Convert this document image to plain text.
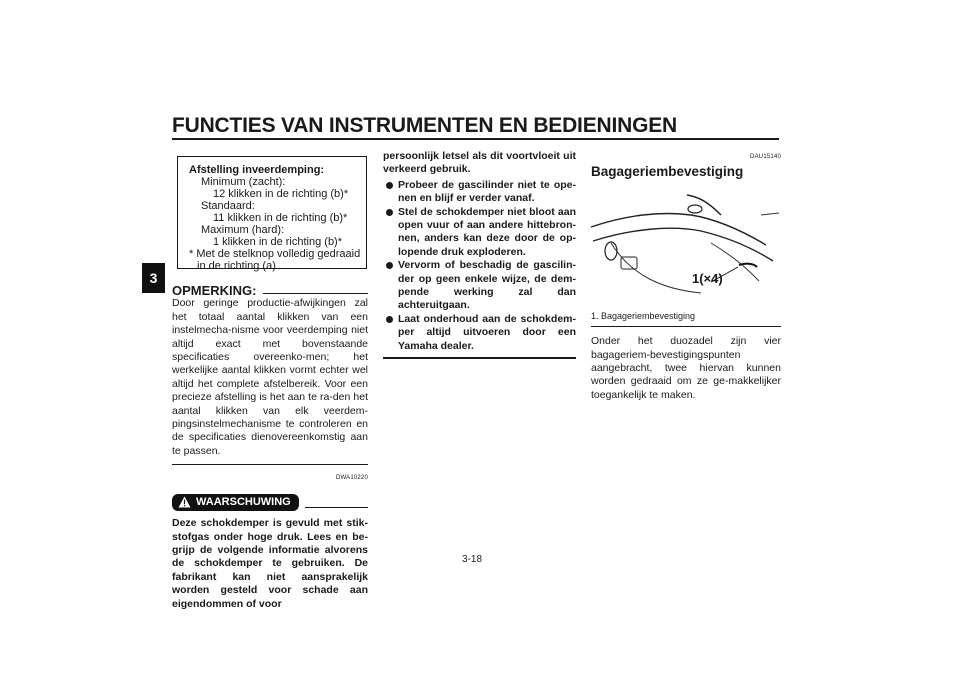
FUNCTIES VAN INSTRUMENTEN EN BEDIENINGEN
3
Afstelling inveerdemping:
Minimum (zacht):
12 klikken in de richting (b)*
Standaard:
11 klikken in de richting (b)*
Maximum (hard):
1 klikken in de richting (b)*
* Met de stelknop volledig gedraaid in de richting (a)
OPMERKING:
Door geringe productie-afwijkingen zal het totaal aantal klikken van een instelmecha-nisme voor veerdemping niet altijd exact met bovenstaande specificaties overeenko-men; het werkelijke aantal klikken vormt echter wel altijd het complete afstelbereik. Voor een precieze afstelling is het aan te ra-den het aantal klikken van elk veerdem-pingsinstelmechanisme te controleren en de specificaties dienovereenkomstig aan te passen.
DWA10220
WAARSCHUWING
Deze schokdemper is gevuld met stik-stofgas onder hoge druk. Lees en be-grijp de volgende informatie alvorens de schokdemper te gebruiken. De fabrikant kan niet aansprakelijk worden gesteld voor schade aan eigendommen of voor
persoonlijk letsel als dit voortvloeit uit verkeerd gebruik.
Probeer de gascilinder niet te ope-nen en blijf er verder vanaf.
Stel de schokdemper niet bloot aan open vuur of aan andere hittebron-nen, anders kan deze door de op-lopende druk exploderen.
Vervorm of beschadig de gascilin-der op geen enkele wijze, de dem-pende werking zal dan achteruitgaan.
Laat onderhoud aan de schokdem-per altijd uitvoeren door een Yamaha dealer.
DAU15140
Bagageriembevestiging
1(×4)
1. Bagageriembevestiging
Onder het duozadel zijn vier bagageriem-bevestigingspunten aangebracht, twee hiervan kunnen worden gedraaid om ze ge-makkelijker toegankelijk te maken.
3-18
